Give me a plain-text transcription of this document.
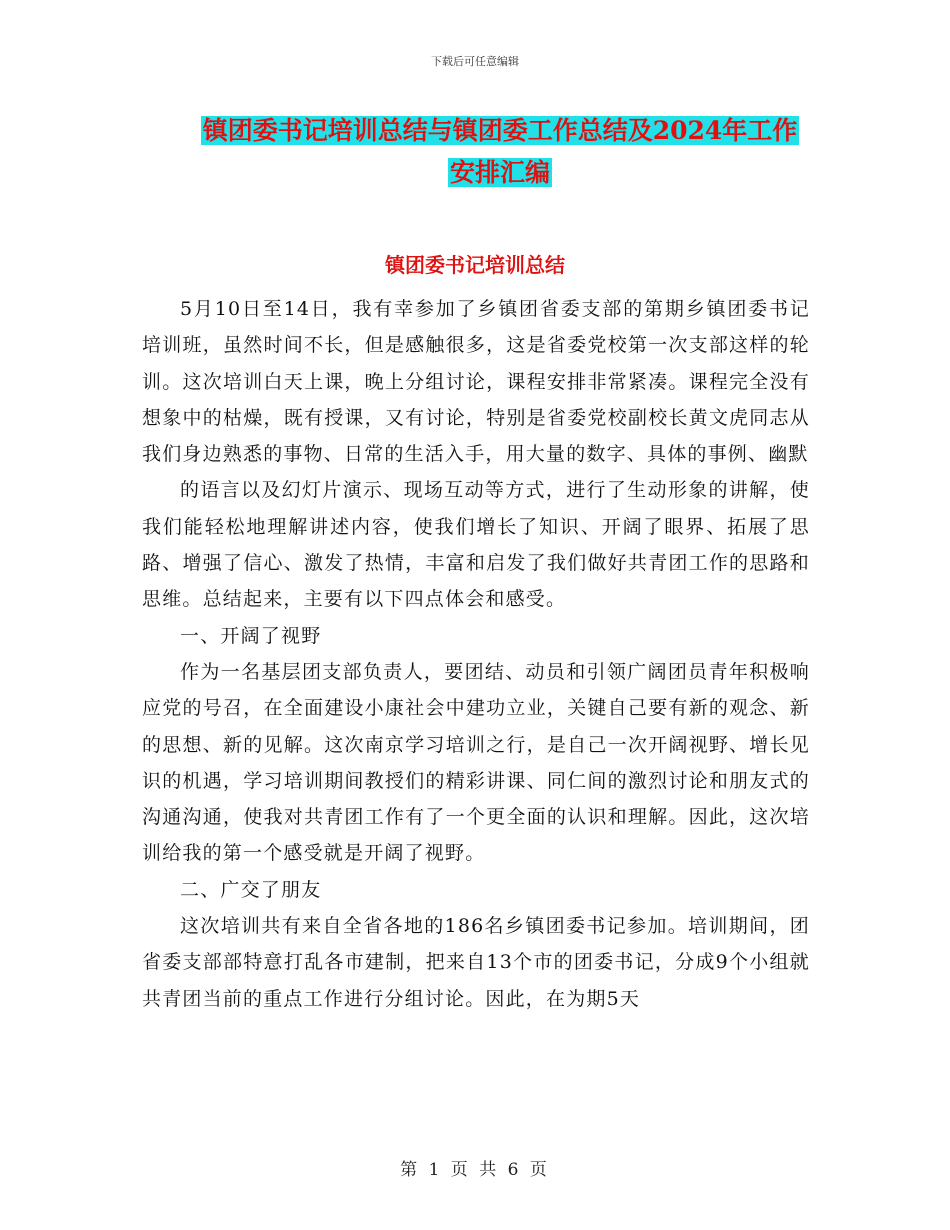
下载后可任意编辑
镇团委书记培训总结与镇团委工作总结及2024年工作
安排汇编
镇团委书记培训总结

5月10日至14日，我有幸参加了乡镇团省委支部的第期乡镇团委书记培训班，虽然时间不长，但是感触很多，这是省委党校第一次支部这样的轮训。这次培训白天上课，晚上分组讨论，课程安排非常紧凑。课程完全没有想象中的枯燥，既有授课，又有讨论，特别是省委党校副校长黄文虎同志从我们身边熟悉的事物、日常的生活入手，用大量的数字、具体的事例、幽默

的语言以及幻灯片演示、现场互动等方式，进行了生动形象的讲解，使我们能轻松地理解讲述内容，使我们增长了知识、开阔了眼界、拓展了思路、增强了信心、激发了热情，丰富和启发了我们做好共青团工作的思路和思维。总结起来，主要有以下四点体会和感受。

一、开阔了视野

作为一名基层团支部负责人，要团结、动员和引领广阔团员青年积极响应党的号召，在全面建设小康社会中建功立业，关键自己要有新的观念、新的思想、新的见解。这次南京学习培训之行，是自己一次开阔视野、增长见识的机遇，学习培训期间教授们的精彩讲课、同仁间的激烈讨论和朋友式的沟通沟通，使我对共青团工作有了一个更全面的认识和理解。因此，这次培训给我的第一个感受就是开阔了视野。

二、广交了朋友

这次培训共有来自全省各地的186名乡镇团委书记参加。培训期间，团省委支部部特意打乱各市建制，把来自13个市的团委书记，分成9个小组就共青团当前的重点工作进行分组讨论。因此，在为期5天

第 1 页 共 6 页
